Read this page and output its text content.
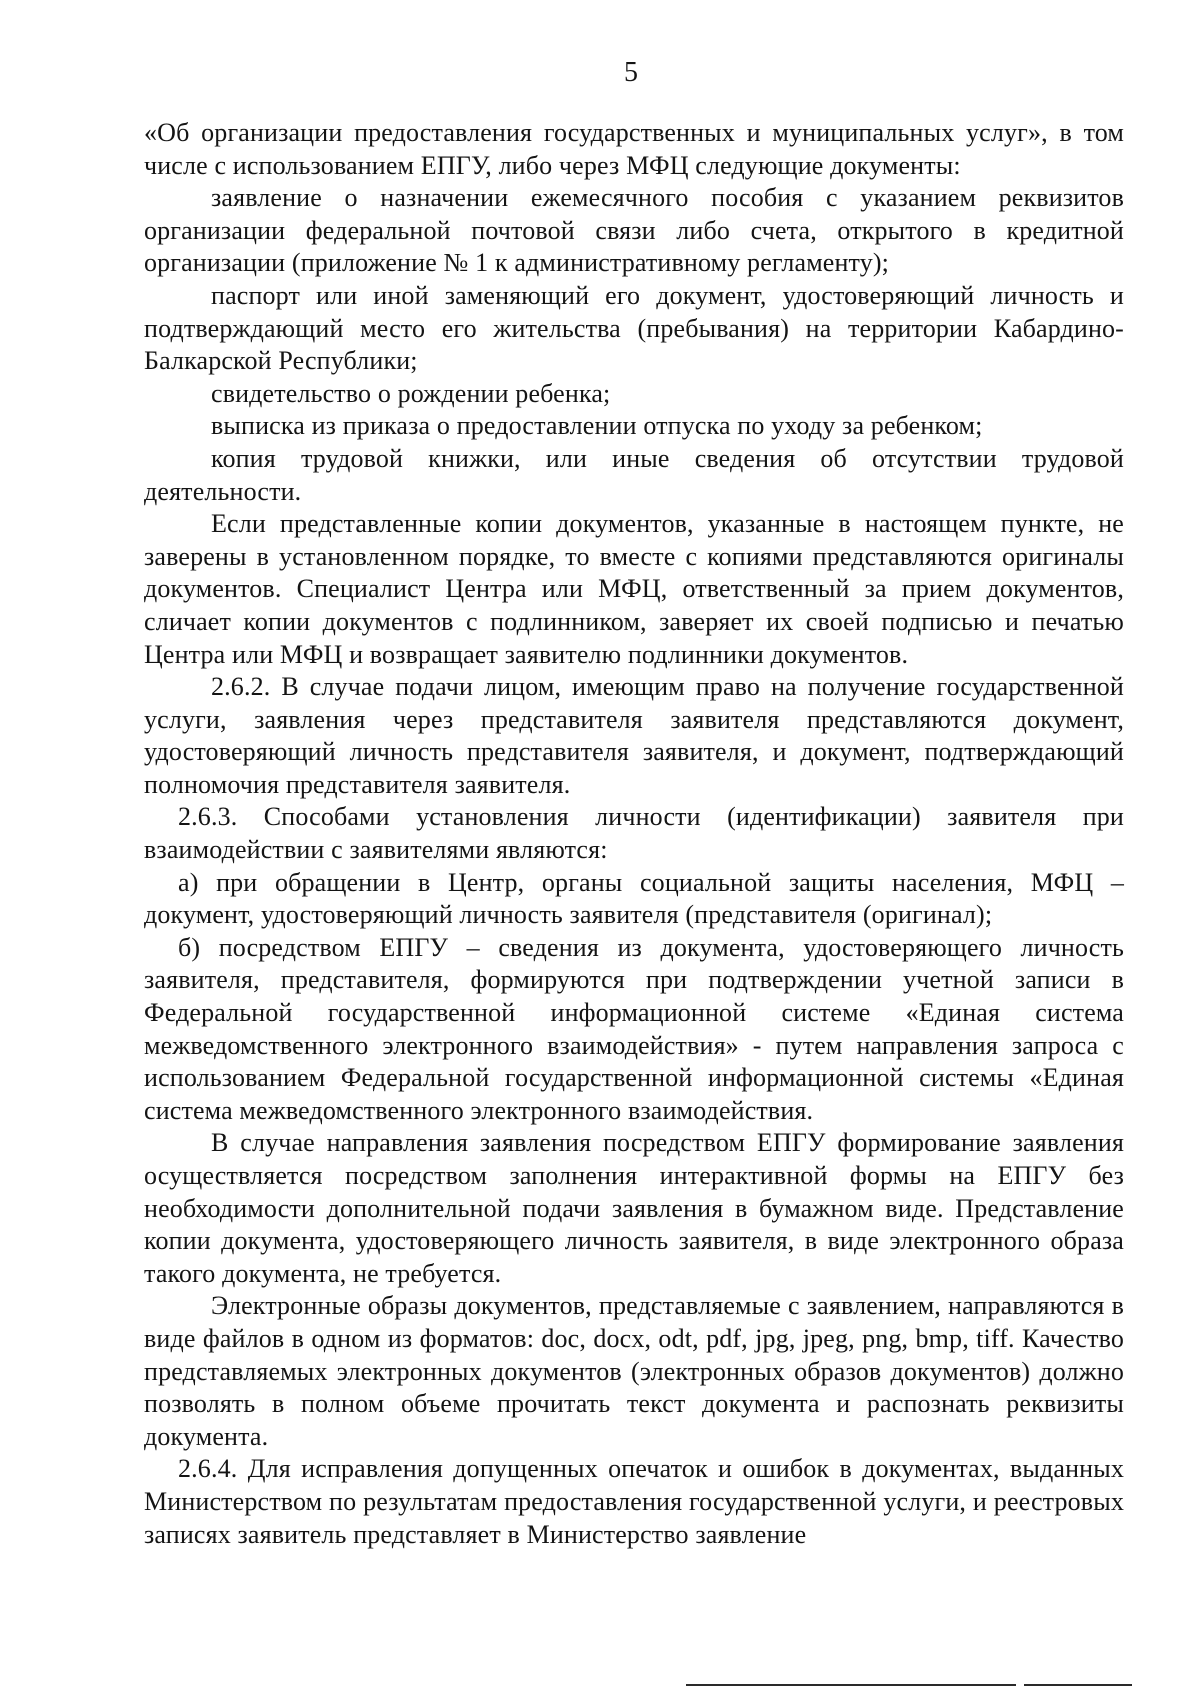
5

«Об организации предоставления государственных и муниципальных услуг», в том числе с использованием ЕПГУ, либо через МФЦ следующие документы:

заявление о назначении ежемесячного пособия с указанием реквизитов организации федеральной почтовой связи либо счета, открытого в кредитной организации (приложение № 1 к административному регламенту);

паспорт или иной заменяющий его документ, удостоверяющий личность и подтверждающий место его жительства (пребывания) на территории Кабардино-Балкарской Республики;

свидетельство о рождении ребенка;

выписка из приказа о предоставлении отпуска по уходу за ребенком;

копия трудовой книжки, или иные сведения об отсутствии трудовой деятельности.

Если представленные копии документов, указанные в настоящем пункте, не заверены в установленном порядке, то вместе с копиями представляются оригиналы документов. Специалист Центра или МФЦ, ответственный за прием документов, сличает копии документов с подлинником, заверяет их своей подписью и печатью Центра или МФЦ и возвращает заявителю подлинники документов.

2.6.2. В случае подачи лицом, имеющим право на получение государственной услуги, заявления через представителя заявителя представляются документ, удостоверяющий личность представителя заявителя, и документ, подтверждающий полномочия представителя заявителя.

2.6.3. Способами установления личности (идентификации) заявителя при взаимодействии с заявителями являются:

а) при обращении в Центр, органы социальной защиты населения, МФЦ – документ, удостоверяющий личность заявителя (представителя (оригинал);

б) посредством ЕПГУ – сведения из документа, удостоверяющего личность заявителя, представителя, формируются при подтверждении учетной записи в Федеральной государственной информационной системе «Единая система межведомственного электронного взаимодействия» - путем направления запроса с использованием Федеральной государственной информационной системы «Единая система межведомственного электронного взаимодействия.

В случае направления заявления посредством ЕПГУ формирование заявления осуществляется посредством заполнения интерактивной формы на ЕПГУ без необходимости дополнительной подачи заявления в бумажном виде. Представление копии документа, удостоверяющего личность заявителя, в виде электронного образа такого документа, не требуется.

Электронные образы документов, представляемые с заявлением, направляются в виде файлов в одном из форматов: doc, docx, odt, pdf, jpg, jpeg, png, bmp, tiff. Качество представляемых электронных документов (электронных образов документов) должно позволять в полном объеме прочитать текст документа и распознать реквизиты документа.

2.6.4. Для исправления допущенных опечаток и ошибок в документах, выданных Министерством по результатам предоставления государственной услуги, и реестровых записях заявитель представляет в Министерство заявление
